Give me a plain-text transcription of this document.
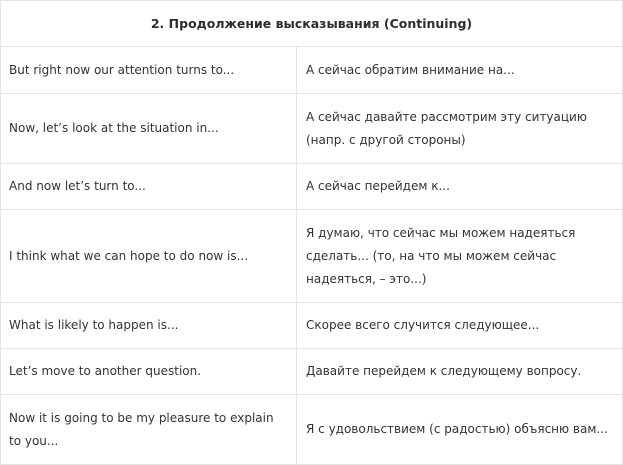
2. Продолжение высказывания (Continuing)	
But right now our attention turns to...	А сейчас обратим внимание на...
Now, let’s look at the situation in...	А сейчас давайте рассмотрим эту ситуацию (напр. с другой стороны)
And now let’s turn to...	А сейчас перейдем к...
I think what we can hope to do now is...	Я думаю, что сейчас мы можем надеяться сделать... (то, на что мы можем сейчас надеяться, – это...)
What is likely to happen is...	Скорее всего случится следующее...
Let’s move to another question.	Давайте перейдем к следующему вопросу.
Now it is going to be my pleasure to explain to you...	Я с удовольствием (с радостью) объясню вам...
